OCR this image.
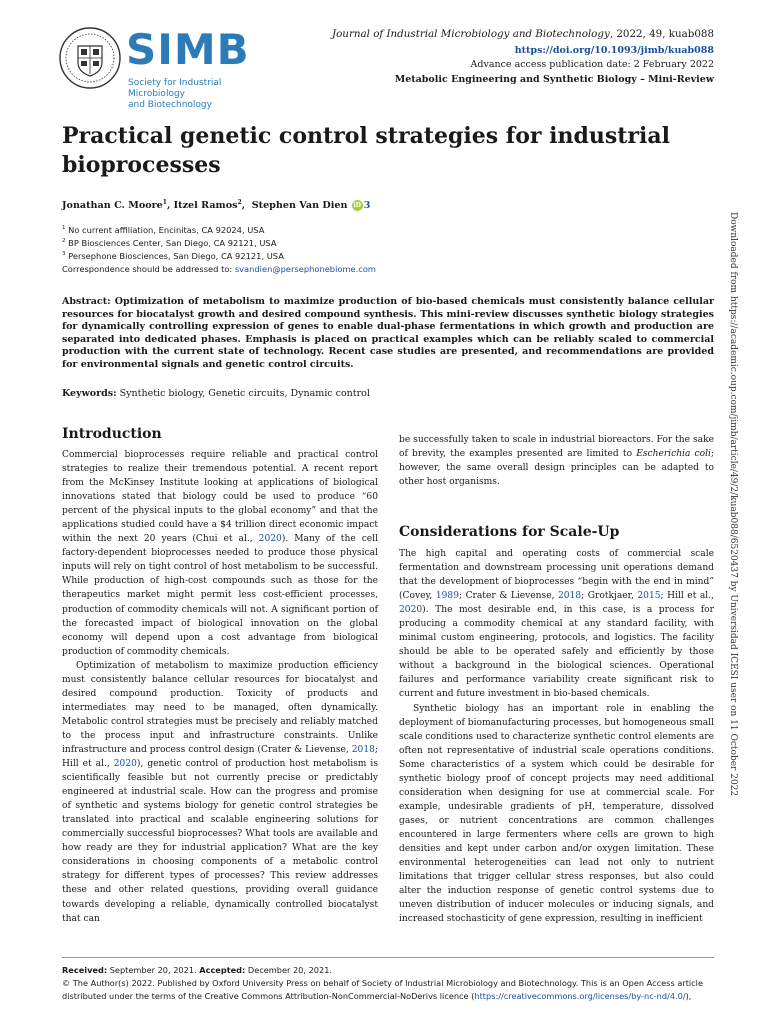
SIMB
Society for Industrial Microbiology
and Biotechnology
Journal of Industrial Microbiology and Biotechnology, 2022, 49, kuab088
https://doi.org/10.1093/jimb/kuab088
Advance access publication date: 2 February 2022
Metabolic Engineering and Synthetic Biology – Mini-Review
Practical genetic control strategies for industrial
bioprocesses
Jonathan C. Moore$^1$, Itzel Ramos$^2$,  Stephen Van Dien iD 3
$^1$ No current affiliation, Encinitas, CA 92024, USA
$^2$ BP Biosciences Center, San Diego, CA 92121, USA
$^3$ Persephone Biosciences, San Diego, CA 92121, USA
Correspondence should be addressed to: svandien@persephonebiome.com
Abstract: Optimization of metabolism to maximize production of bio-based chemicals must consistently balance cellular resources for biocatalyst growth and desired compound synthesis. This mini-review discusses synthetic biology strategies for dynamically controlling expression of genes to enable dual-phase fermentations in which growth and production are separated into dedicated phases. Emphasis is placed on practical examples which can be reliably scaled to commercial production with the current state of technology. Recent case studies are presented, and recommendations are provided for environmental signals and genetic control circuits.
Keywords: Synthetic biology, Genetic circuits, Dynamic control
Introduction

Commercial bioprocesses require reliable and practical control strategies to realize their tremendous potential. A recent report from the McKinsey Institute looking at applications of biological innovations stated that biology could be used to produce “60 percent of the physical inputs to the global economy” and that the applications studied could have a $4 trillion direct economic impact within the next 20 years (Chui et al., 2020). Many of the cell factory-dependent bioprocesses needed to produce those physical inputs will rely on tight control of host metabolism to be successful. While production of high-cost compounds such as those for the therapeutics market might permit less cost-efficient processes, production of commodity chemicals will not. A significant portion of the forecasted impact of biological innovation on the global economy will depend upon a cost advantage from biological production of commodity chemicals.

Optimization of metabolism to maximize production efficiency must consistently balance cellular resources for biocatalyst and desired compound production. Toxicity of products and intermediates may need to be managed, often dynamically. Metabolic control strategies must be precisely and reliably matched to the process input and infrastructure constraints. Unlike infrastructure and process control design (Crater & Lievense, 2018; Hill et al., 2020), genetic control of production host metabolism is scientifically feasible but not currently precise or predictably engineered at industrial scale. How can the progress and promise of synthetic and systems biology for genetic control strategies be translated into practical and scalable engineering solutions for commercially successful bioprocesses? What tools are available and how ready are they for industrial application? What are the key considerations in choosing components of a metabolic control strategy for different types of processes? This review addresses these and other related questions, providing overall guidance towards developing a reliable, dynamically controlled biocatalyst that can

be successfully taken to scale in industrial bioreactors. For the sake of brevity, the examples presented are limited to Escherichia coli; however, the same overall design principles can be adapted to other host organisms.

Considerations for Scale-Up

The high capital and operating costs of commercial scale fermentation and downstream processing unit operations demand that the development of bioprocesses “begin with the end in mind” (Covey, 1989; Crater & Lievense, 2018; Grotkjaer, 2015; Hill et al., 2020). The most desirable end, in this case, is a process for producing a commodity chemical at any standard facility, with minimal custom engineering, protocols, and logistics. The facility should be able to be operated safely and efficiently by those without a background in the biological sciences. Operational failures and performance variability create significant risk to current and future investment in bio-based chemicals.

Synthetic biology has an important role in enabling the deployment of biomanufacturing processes, but homogeneous small scale conditions used to characterize synthetic control elements are often not representative of industrial scale operations conditions. Some characteristics of a system which could be desirable for synthetic biology proof of concept projects may need additional consideration when designing for use at commercial scale. For example, undesirable gradients of pH, temperature, dissolved gases, or nutrient concentrations are common challenges encountered in large fermenters where cells are grown to high densities and kept under carbon and/or oxygen limitation. These environmental heterogeneities can lead not only to nutrient limitations that trigger cellular stress responses, but also could alter the induction response of genetic control systems due to uneven distribution of inducer molecules or inducing signals, and increased stochasticity of gene expression, resulting in inefficient

Received: September 20, 2021. Accepted: December 20, 2021.
© The Author(s) 2022. Published by Oxford University Press on behalf of Society of Industrial Microbiology and Biotechnology. This is an Open Access article
distributed under the terms of the Creative Commons Attribution-NonCommercial-NoDerivs licence (https://creativecommons.org/licenses/by-nc-nd/4.0/),
Downloaded from https://academic.oup.com/jimb/article/49/2/kuab088/6520437 by Universidad ICESI user on 11 October 2022
